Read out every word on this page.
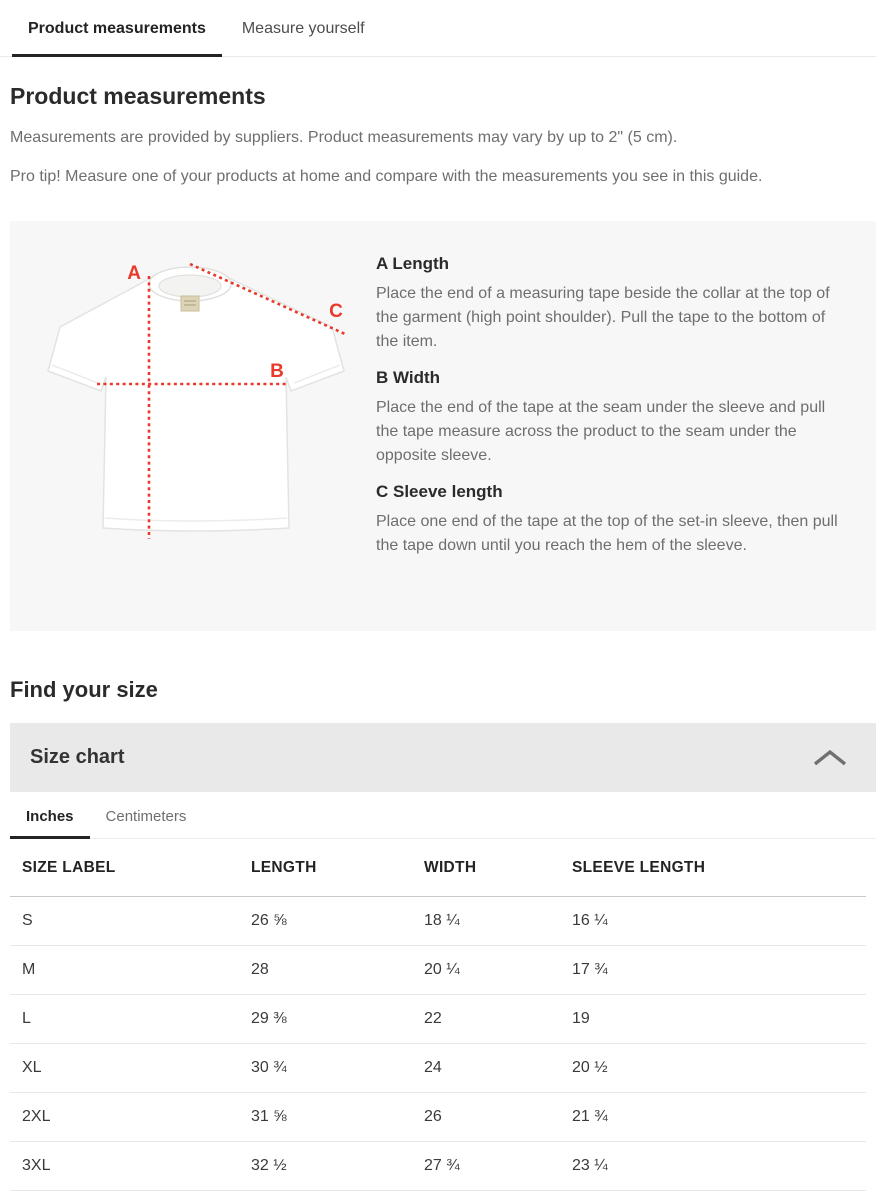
Product measurements	Measure yourself
Product measurements

Measurements are provided by suppliers. Product measurements may vary by up to 2" (5 cm).

Pro tip! Measure one of your products at home and compare with the measurements you see in this guide.

A
B
C
A Length
Place the end of a measuring tape beside the collar at the top of the garment (high point shoulder). Pull the tape to the bottom of the item.
B Width
Place the end of the tape at the seam under the sleeve and pull the tape measure across the product to the seam under the opposite sleeve.
C Sleeve length
Place one end of the tape at the top of the set-in sleeve, then pull the tape down until you reach the hem of the sleeve.
Find your size
Size chart
Inches	Centimeters
SIZE LABEL	LENGTH	WIDTH	SLEEVE LENGTH
S	26 ⅝	18 ¼	16 ¼
M	28	20 ¼	17 ¾
L	29 ⅜	22	19
XL	30 ¾	24	20 ½
2XL	31 ⅝	26	21 ¾
3XL	32 ½	27 ¾	23 ¼
